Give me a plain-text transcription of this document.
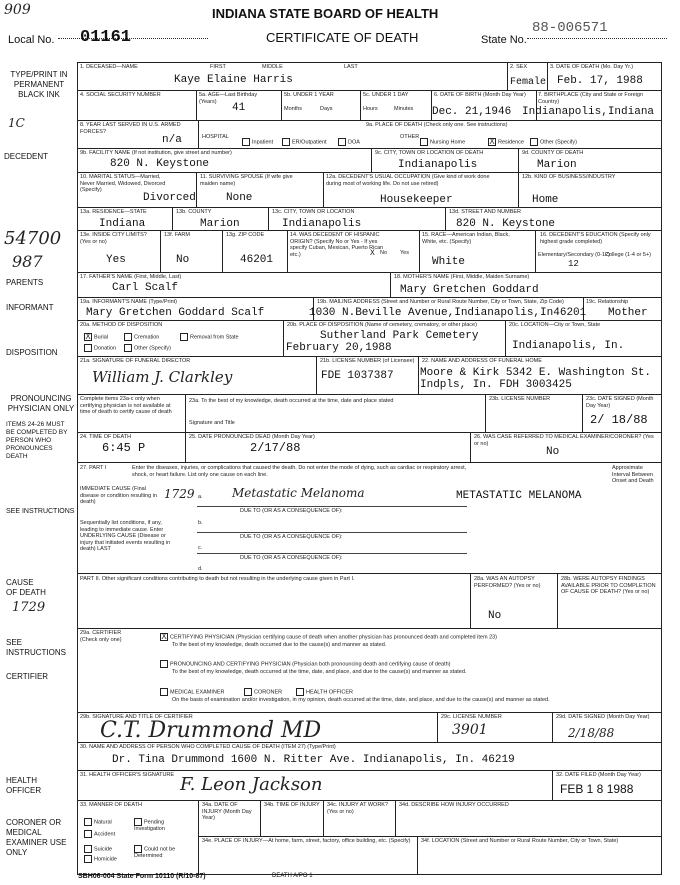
909	INDIANA STATE BOARD OF HEALTH
Local No. 01161	CERTIFICATE OF DEATH	State No.
88-006571
TYPE/PRINT IN PERMANENT BLACK INK
1C
DECEDENT
54700
987
PARENTS
INFORMANT
DISPOSITION
PRONOUNCING PHYSICIAN ONLY
ITEMS 24-26 MUST BE COMPLETED BY PERSON WHO PRONOUNCES DEATH
SEE INSTRUCTIONS
CAUSE OF DEATH
1729
SEE INSTRUCTIONS
CERTIFIER
HEALTH OFFICER
CORONER OR MEDICAL EXAMINER USE ONLY
1. DECEASED—NAME	FIRST	MIDDLE	LAST
Kaye Elaine Harris
2. SEX
Female
3. DATE OF DEATH (Mo. Day Yr.)
Feb. 17, 1988
4. SOCIAL SECURITY NUMBER	5a. AGE—Last Birthday (Years)
41
5b. UNDER 1 YEAR
Months	Days
5c. UNDER 1 DAY
Hours	Minutes
6. DATE OF BIRTH (Month Day Year)
Dec. 21,1946
7. BIRTHPLACE (City and State or Foreign Country)
Indianapolis,Indiana
8. YEAR LAST SERVED IN U.S. ARMED FORCES?
n/a
9a. PLACE OF DEATH (Check only one. See instructions)
HOSPITAL
Inpatient	ER/Outpatient	DOA
OTHER
Nursing Home	X Residence	Other (Specify)
9b. FACILITY NAME (If not institution, give street and number)
820 N. Keystone
9c. CITY, TOWN OR LOCATION OF DEATH
Indianapolis
9d. COUNTY OF DEATH
Marion
10. MARITAL STATUS—Married, Never Married, Widowed, Divorced (Specify)
Divorced
11. SURVIVING SPOUSE (If wife give maiden name)
None
12a. DECEDENT'S USUAL OCCUPATION (Give kind of work done during most of working life. Do not use retired)
Housekeeper
12b. KIND OF BUSINESS/INDUSTRY
Home
13a. RESIDENCE—STATE
Indiana
13b. COUNTY
Marion
13c. CITY, TOWN OR LOCATION
Indianapolis
13d. STREET AND NUMBER
820 N. Keystone
13e. INSIDE CITY LIMITS? (Yes or no)
Yes
13f. FARM
No
13g. ZIP CODE
46201
14. WAS DECEDENT OF HISPANIC ORIGIN? (Specify No or Yes - If yes specify Cuban, Mexican, Puerto Rican etc.)	X No Yes
15. RACE—American Indian, Black, White, etc. (Specify)
White
16. DECEDENT'S EDUCATION (Specify only highest grade completed)
Elementary/Secondary (0-12)
College (1-4 or 5+)
12
17. FATHER'S NAME (First, Middle, Last)
Carl Scalf
18. MOTHER'S NAME (First, Middle, Maiden Surname)
Mary Gretchen Goddard
19a. INFORMANT'S NAME (Type/Print)
Mary Gretchen Goddard Scalf
19b. MAILING ADDRESS (Street and Number or Rural Route Number, City or Town, State, Zip Code)
1030 N.Beville Avenue,Indianapolis,In46201
19c. Relationship
Mother
20a. METHOD OF DISPOSITION
X Burial	Cremation	Removal from State
Donation	Other (Specify)
20b. PLACE OF DISPOSITION (Name of cemetery, crematory, or other place)
Sutherland Park Cemetery
February 20,1988
20c. LOCATION—City or Town, State
Indianapolis, In.
21a. SIGNATURE OF FUNERAL DIRECTOR
William J. Clarkley
21b. LICENSE NUMBER (of Licensee)
FDE 1037387
22. NAME AND ADDRESS OF FUNERAL HOME
Moore & Kirk 5342 E. Washington St.
Indpls, In. FDH 3003425
Complete items 23a-c only when certifying physician is not available at time of death to certify cause of death
23a. To the best of my knowledge, death occurred at the time, date and place stated
Signature and Title
23b. LICENSE NUMBER	23c. DATE SIGNED (Month Day Year)
2/ 18/88
24. TIME OF DEATH
6:45 P
25. DATE PRONOUNCED DEAD (Month Day Year)
2/17/88
26. WAS CASE REFERRED TO MEDICAL EXAMINER/CORONER? (Yes or no)
No
27. PART I	Enter the diseases, injuries, or complications that caused the death. Do not enter the mode of dying, such as cardiac or respiratory arrest, shock, or heart failure. List only one cause on each line.
Approximate Interval Between Onset and Death
IMMEDIATE CAUSE (Final disease or condition resulting in death)
a.
1729	Metastatic Melanoma	METASTATIC MELANOMA
DUE TO (OR AS A CONSEQUENCE OF):
Sequentially list conditions, if any, leading to immediate cause. Enter UNDERLYING CAUSE (Disease or injury that initiated events resulting in death) LAST
b.
DUE TO (OR AS A CONSEQUENCE OF):
c.
DUE TO (OR AS A CONSEQUENCE OF):
d.
PART II. Other significant conditions contributing to death but not resulting in the underlying cause given in Part I.	28a. WAS AN AUTOPSY PERFORMED? (Yes or no)
No
28b. WERE AUTOPSY FINDINGS AVAILABLE PRIOR TO COMPLETION OF CAUSE OF DEATH? (Yes or no)
29a. CERTIFIER (Check only one)	X CERTIFYING PHYSICIAN (Physician certifying cause of death when another physician has pronounced death and completed item 23)
To the best of my knowledge, death occurred due to the cause(s) and manner as stated.
PRONOUNCING AND CERTIFYING PHYSICIAN (Physician both pronouncing death and certifying cause of death)
To the best of my knowledge, death occurred at the time, date, and place, and due to the cause(s) and manner as stated.
MEDICAL EXAMINER	CORONER	HEALTH OFFICER
On the basis of examination and/or investigation, in my opinion, death occurred at the time, date, and place, and due to the cause(s) and manner as stated.
29b. SIGNATURE AND TITLE OF CERTIFIER
C.T. Drummond MD
29c. LICENSE NUMBER
3901
29d. DATE SIGNED (Month Day Year)
2/18/88
30. NAME AND ADDRESS OF PERSON WHO COMPLETED CAUSE OF DEATH (ITEM 27) (Type/Print)
Dr. Tina Drummond 1600 N. Ritter Ave. Indianapolis, In. 46219
31. HEALTH OFFICER'S SIGNATURE F. Leon Jackson	32. DATE FILED (Month Day Year)
FEB 1 8 1988
33. MANNER OF DEATH
Natural
Accident
Suicide
Homicide
Pending Investigation
Could not be Determined
34a. DATE OF INJURY (Month Day Year)
34b. TIME OF INJURY 34c. INJURY AT WORK? (Yes or no)
34d. DESCRIBE HOW INJURY OCCURRED
34e. PLACE OF INJURY—At home, farm, street, factory, office building, etc. (Specify) 34f. LOCATION (Street and Number or Rural Route Number, City or Town, State)
SBH06-004 State Form 10110 (R/10-87)	DEATH A/PO 1
